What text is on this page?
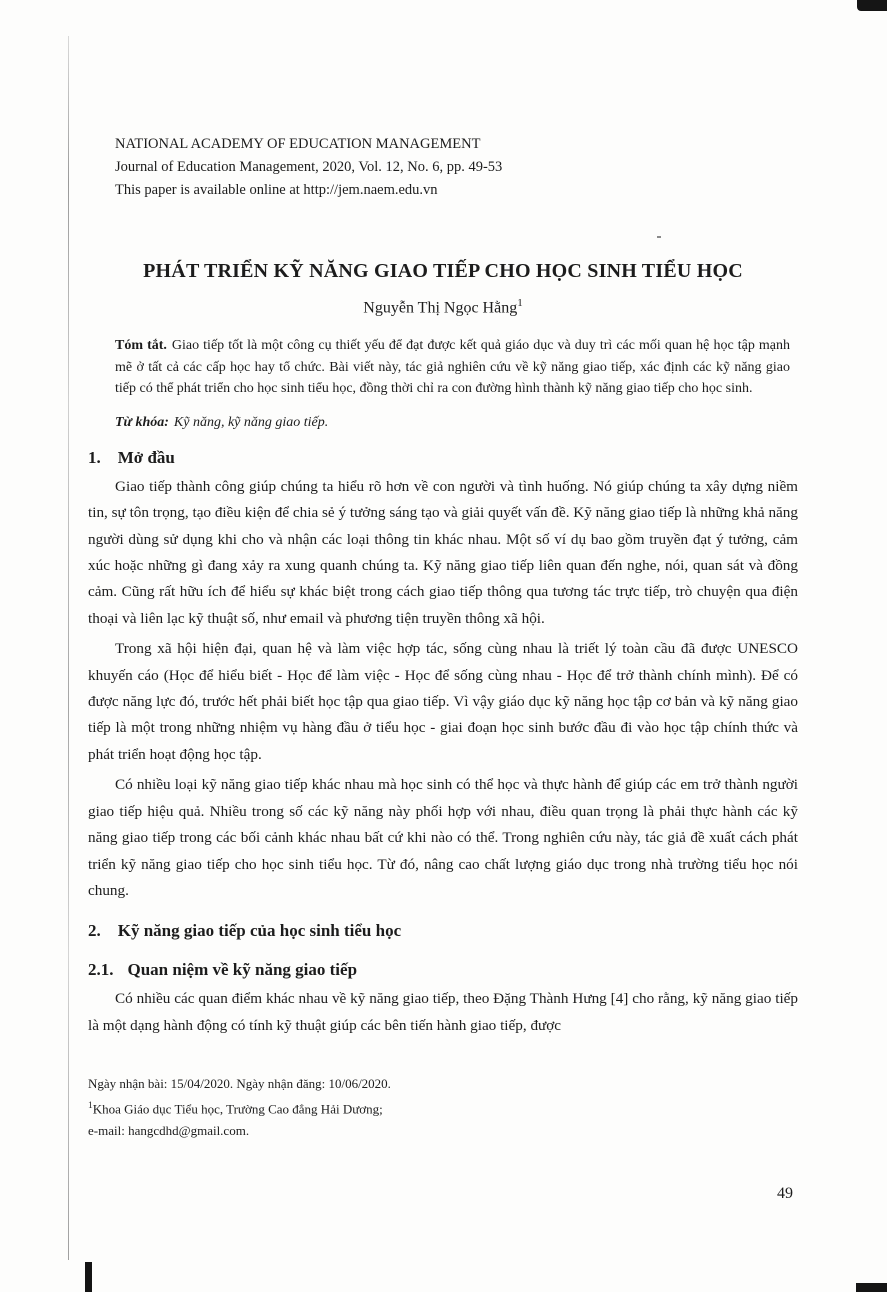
NATIONAL ACADEMY OF EDUCATION MANAGEMENT
Journal of Education Management, 2020, Vol. 12, No. 6, pp. 49-53
This paper is available online at http://jem.naem.edu.vn
PHÁT TRIỂN KỸ NĂNG GIAO TIẾP CHO HỌC SINH TIỂU HỌC
Nguyễn Thị Ngọc Hằng$^1$

Tóm tắt. Giao tiếp tốt là một công cụ thiết yếu để đạt được kết quả giáo dục và duy trì các mối quan hệ học tập mạnh mẽ ở tất cả các cấp học hay tổ chức. Bài viết này, tác giả nghiên cứu về kỹ năng giao tiếp, xác định các kỹ năng giao tiếp có thể phát triển cho học sinh tiểu học, đồng thời chỉ ra con đường hình thành kỹ năng giao tiếp cho học sinh.

Từ khóa: Kỹ năng, kỹ năng giao tiếp.

1. Mở đầu

Giao tiếp thành công giúp chúng ta hiểu rõ hơn về con người và tình huống. Nó giúp chúng ta xây dựng niềm tin, sự tôn trọng, tạo điều kiện để chia sẻ ý tưởng sáng tạo và giải quyết vấn đề. Kỹ năng giao tiếp là những khả năng người dùng sử dụng khi cho và nhận các loại thông tin khác nhau. Một số ví dụ bao gồm truyền đạt ý tưởng, cảm xúc hoặc những gì đang xảy ra xung quanh chúng ta. Kỹ năng giao tiếp liên quan đến nghe, nói, quan sát và đồng cảm. Cũng rất hữu ích để hiểu sự khác biệt trong cách giao tiếp thông qua tương tác trực tiếp, trò chuyện qua điện thoại và liên lạc kỹ thuật số, như email và phương tiện truyền thông xã hội.

Trong xã hội hiện đại, quan hệ và làm việc hợp tác, sống cùng nhau là triết lý toàn cầu đã được UNESCO khuyến cáo (Học để hiểu biết - Học để làm việc - Học để sống cùng nhau - Học để trở thành chính mình). Để có được năng lực đó, trước hết phải biết học tập qua giao tiếp. Vì vậy giáo dục kỹ năng học tập cơ bản và kỹ năng giao tiếp là một trong những nhiệm vụ hàng đầu ở tiểu học - giai đoạn học sinh bước đầu đi vào học tập chính thức và phát triển hoạt động học tập.

Có nhiều loại kỹ năng giao tiếp khác nhau mà học sinh có thể học và thực hành để giúp các em trở thành người giao tiếp hiệu quả. Nhiều trong số các kỹ năng này phối hợp với nhau, điều quan trọng là phải thực hành các kỹ năng giao tiếp trong các bối cảnh khác nhau bất cứ khi nào có thể. Trong nghiên cứu này, tác giả đề xuất cách phát triển kỹ năng giao tiếp cho học sinh tiểu học. Từ đó, nâng cao chất lượng giáo dục trong nhà trường tiểu học nói chung.

2. Kỹ năng giao tiếp của học sinh tiểu học
2.1. Quan niệm về kỹ năng giao tiếp

Có nhiều các quan điểm khác nhau về kỹ năng giao tiếp, theo Đặng Thành Hưng [4] cho rằng, kỹ năng giao tiếp là một dạng hành động có tính kỹ thuật giúp các bên tiến hành giao tiếp, được

Ngày nhận bài: 15/04/2020. Ngày nhận đăng: 10/06/2020.
$^1$Khoa Giáo dục Tiểu học, Trường Cao đẳng Hải Dương;
e-mail: hangcdhd@gmail.com.
49
